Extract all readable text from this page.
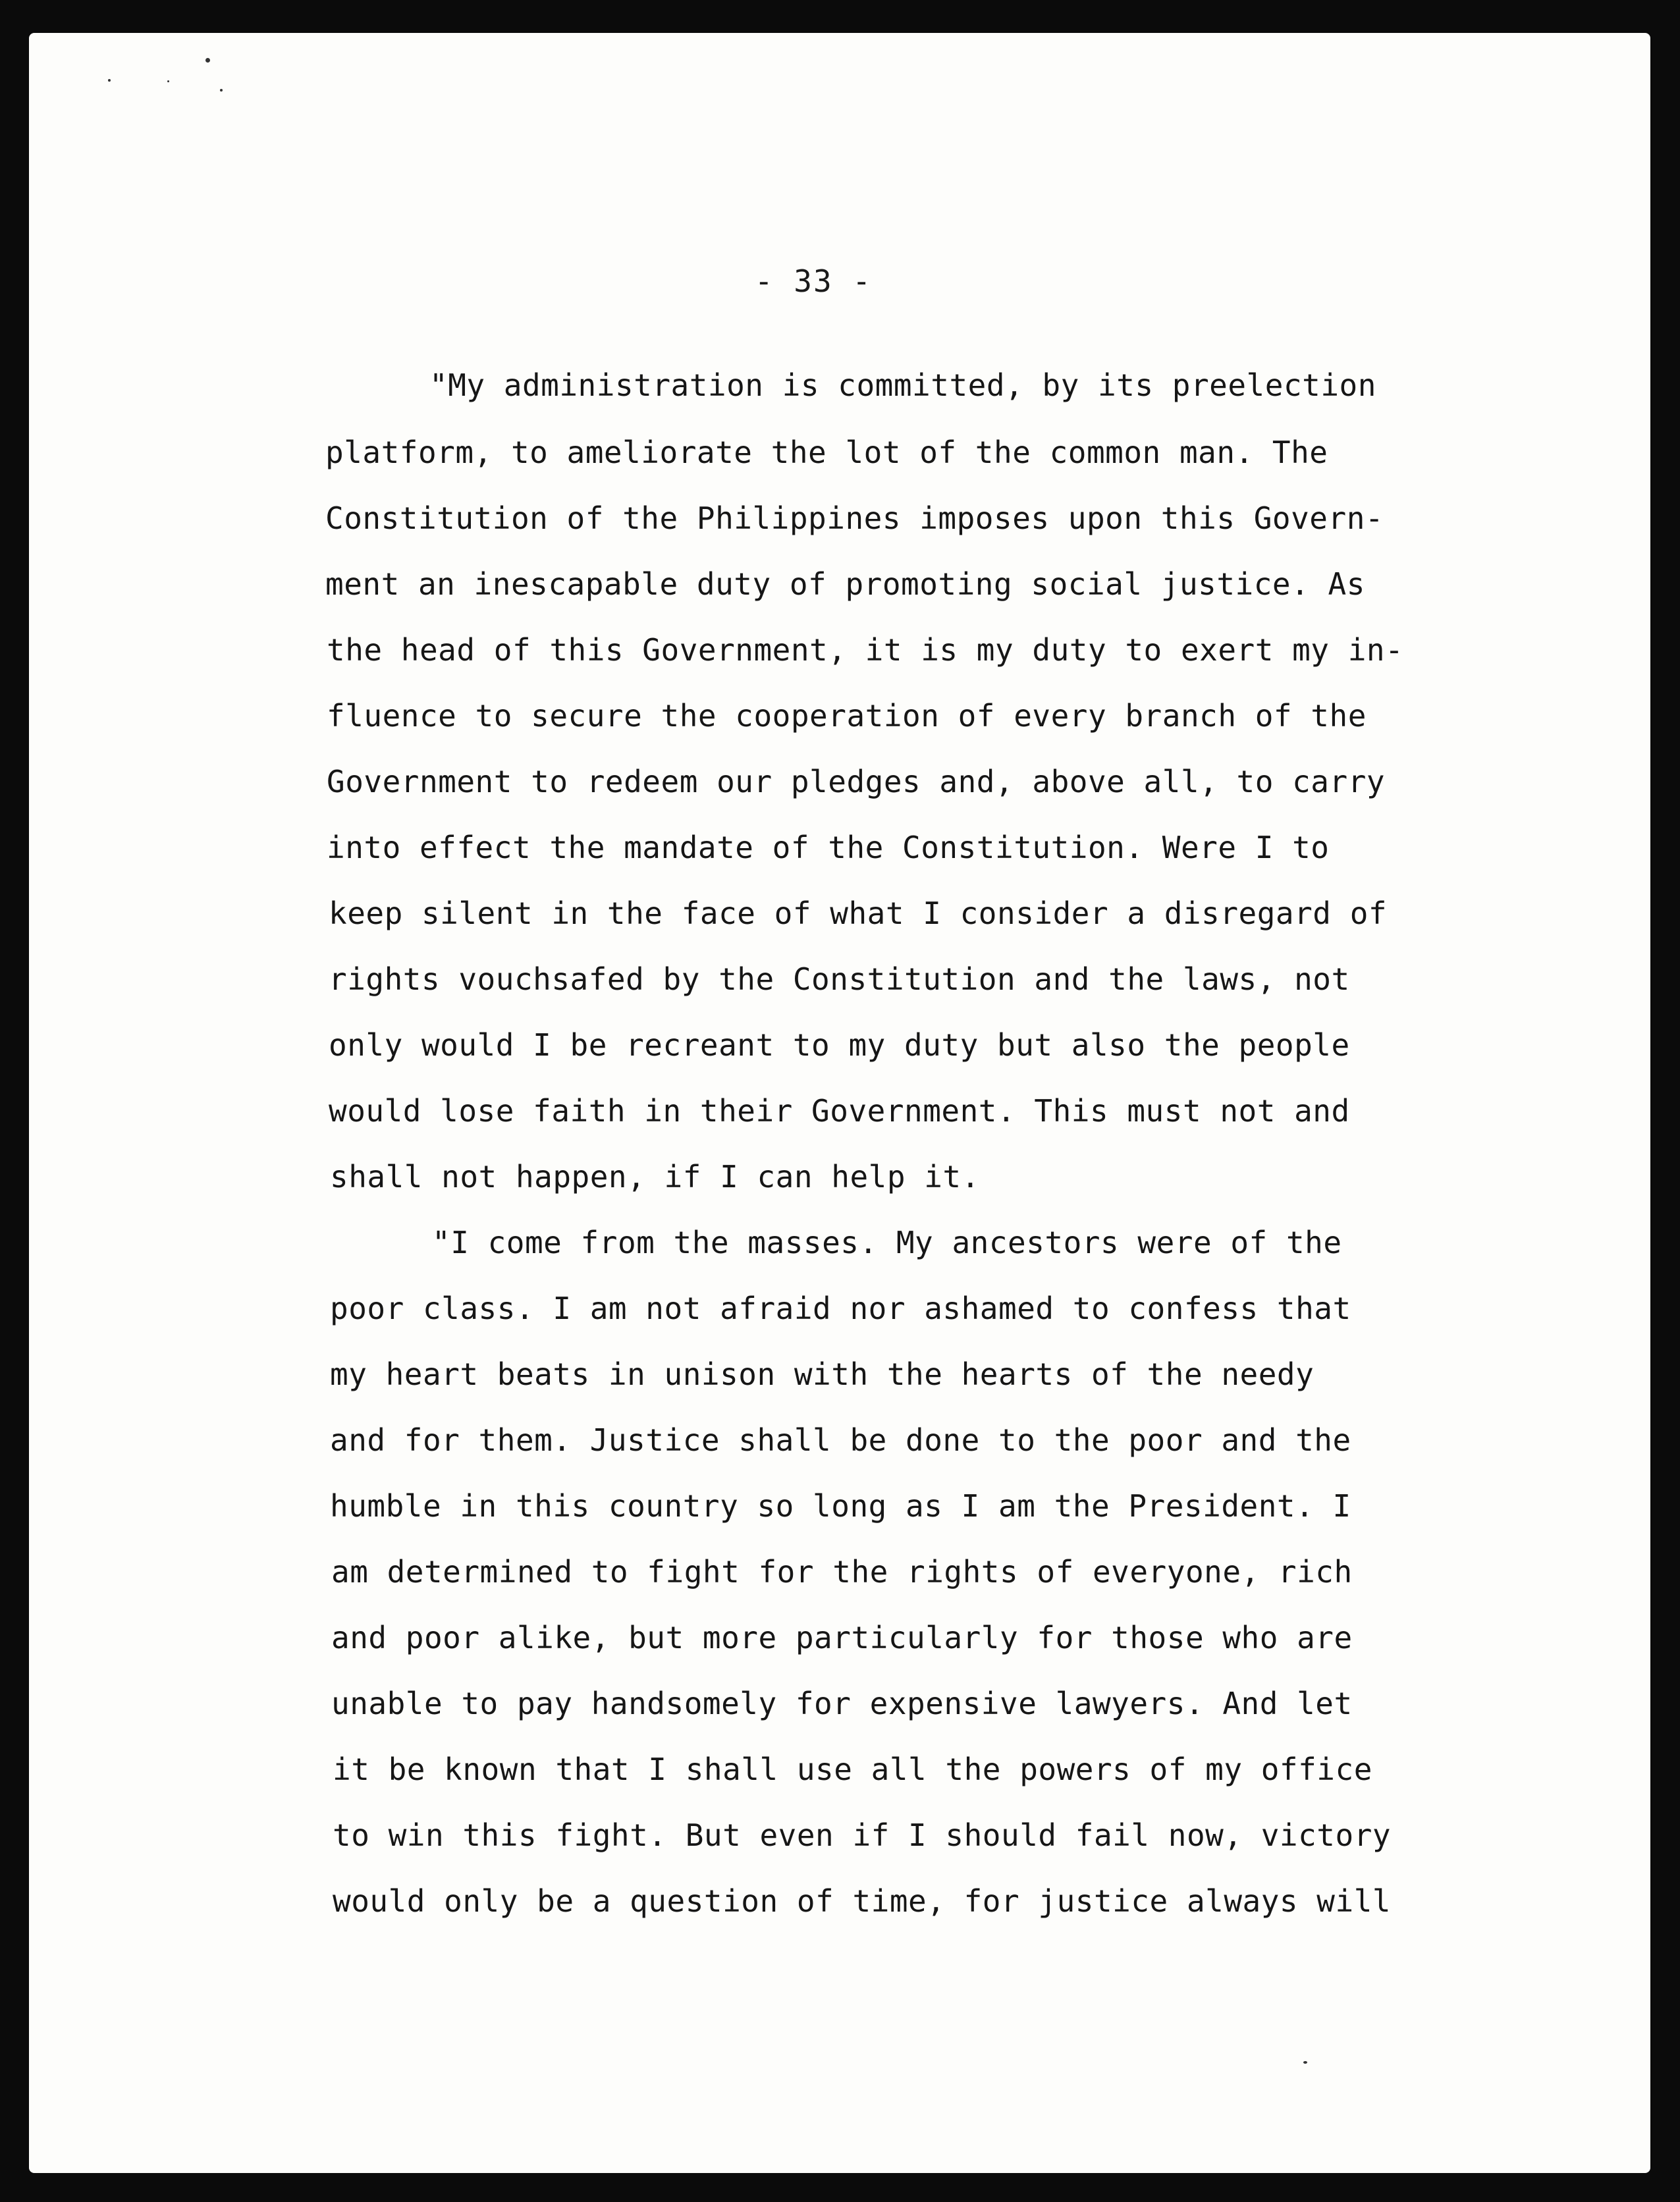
- 33 -
"My administration is committed, by its preelection
platform, to ameliorate the lot of the common man. The
Constitution of the Philippines imposes upon this Govern-
ment an inescapable duty of promoting social justice. As
the head of this Government, it is my duty to exert my in-
fluence to secure the cooperation of every branch of the
Government to redeem our pledges and, above all, to carry
into effect the mandate of the Constitution. Were I to
keep silent in the face of what I consider a disregard of
rights vouchsafed by the Constitution and the laws, not
only would I be recreant to my duty but also the people
would lose faith in their Government. This must not and
shall not happen, if I can help it.
"I come from the masses. My ancestors were of the
poor class. I am not afraid nor ashamed to confess that
my heart beats in unison with the hearts of the needy
and for them. Justice shall be done to the poor and the
humble in this country so long as I am the President. I
am determined to fight for the rights of everyone, rich
and poor alike, but more particularly for those who are
unable to pay handsomely for expensive lawyers. And let
it be known that I shall use all the powers of my office
to win this fight. But even if I should fail now, victory
would only be a question of time, for justice always will
